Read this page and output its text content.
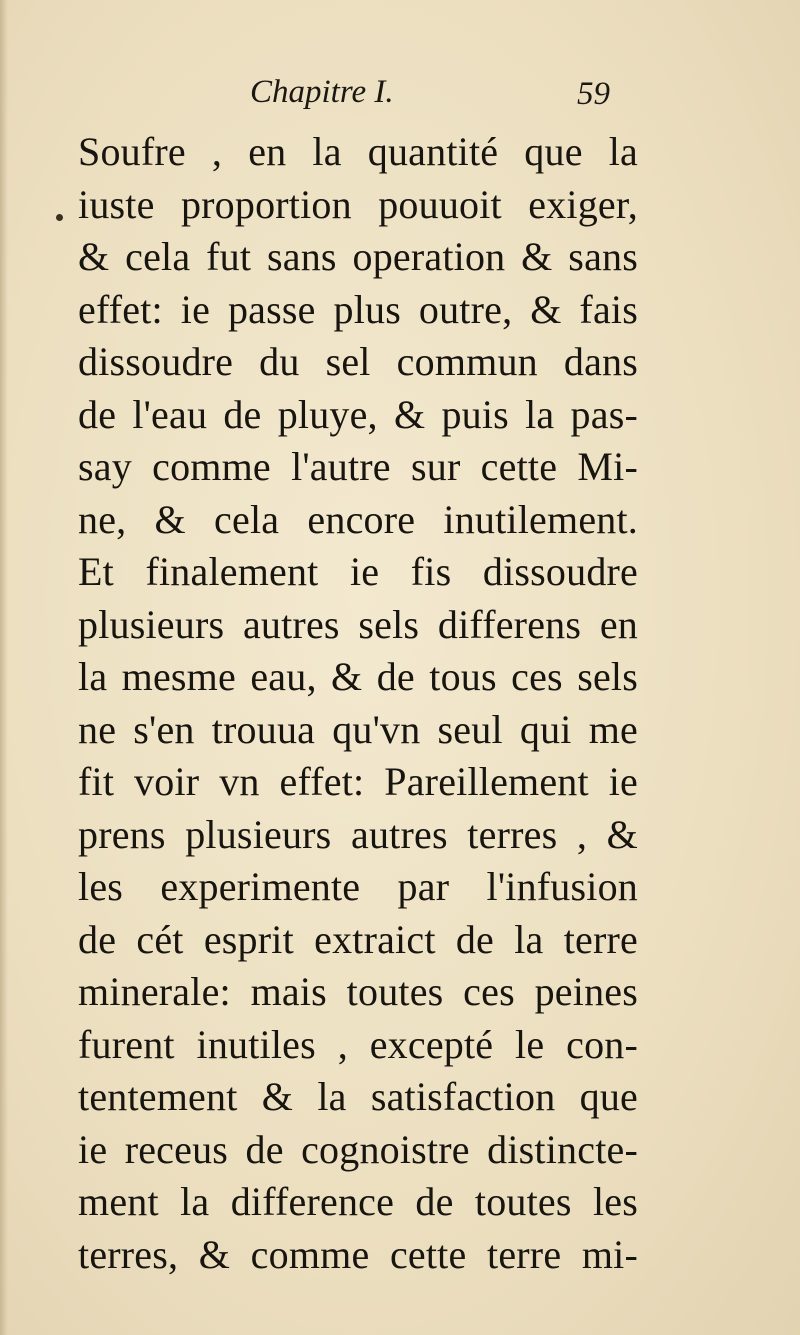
Chapitre I.	59
Soufre , en la quantité que la
iuste proportion pouuoit exiger,
& cela fut sans operation & sans
effet: ie passe plus outre, & fais
dissoudre du sel commun dans
de l'eau de pluye, & puis la pas-
say comme l'autre sur cette Mi-
ne, & cela encore inutilement.
Et finalement ie fis dissoudre
plusieurs autres sels differens en
la mesme eau, & de tous ces sels
ne s'en trouua qu'vn seul qui me
fit voir vn effet: Pareillement ie
prens plusieurs autres terres , &
les experimente par l'infusion
de cét esprit extraict de la terre
minerale: mais toutes ces peines
furent inutiles , excepté le con-
tentement & la satisfaction que
ie receus de cognoistre distincte-
ment la difference de toutes les
terres, & comme cette terre mi-
